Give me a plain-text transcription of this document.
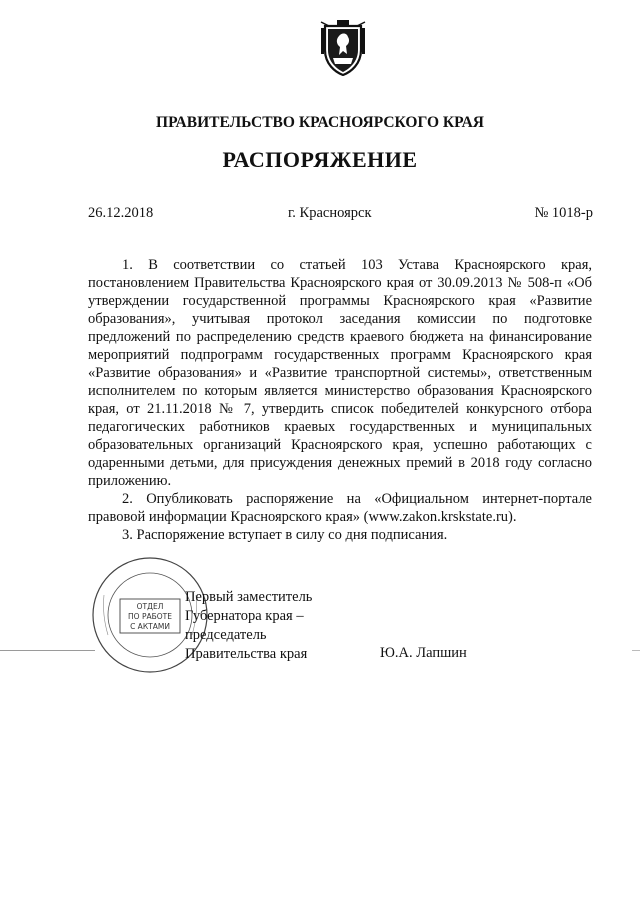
ПРАВИТЕЛЬСТВО КРАСНОЯРСКОГО КРАЯ
РАСПОРЯЖЕНИЕ
26.12.2018	г. Красноярск	№ 1018-р

1. В соответствии со статьей 103 Устава Красноярского края, постановлением Правительства Красноярского края от 30.09.2013 № 508-п «Об утверждении государственной программы Красноярского края «Развитие образования», учитывая протокол заседания комиссии по подготовке предложений по распределению средств краевого бюджета на финансирование мероприятий подпрограмм государственных программ Красноярского края «Развитие образования» и «Развитие транспортной системы», ответственным исполнителем по которым является министерство образования Красноярского края, от 21.11.2018 № 7, утвердить список победителей конкурсного отбора педагогических работников краевых государственных и муниципальных образовательных организаций Красноярского края, успешно работающих с одаренными детьми, для присуждения денежных премий в 2018 году согласно приложению.

2. Опубликовать распоряжение на «Официальном интернет-портале правовой информации Красноярского края» (www.zakon.krskstate.ru).

3. Распоряжение вступает в силу со дня подписания.

ОТДЕЛ
ПО РАБОТЕ
С АКТАМИ
Первый заместитель
Губернатора края –
председатель
Правительства края	Ю.А. Лапшин
